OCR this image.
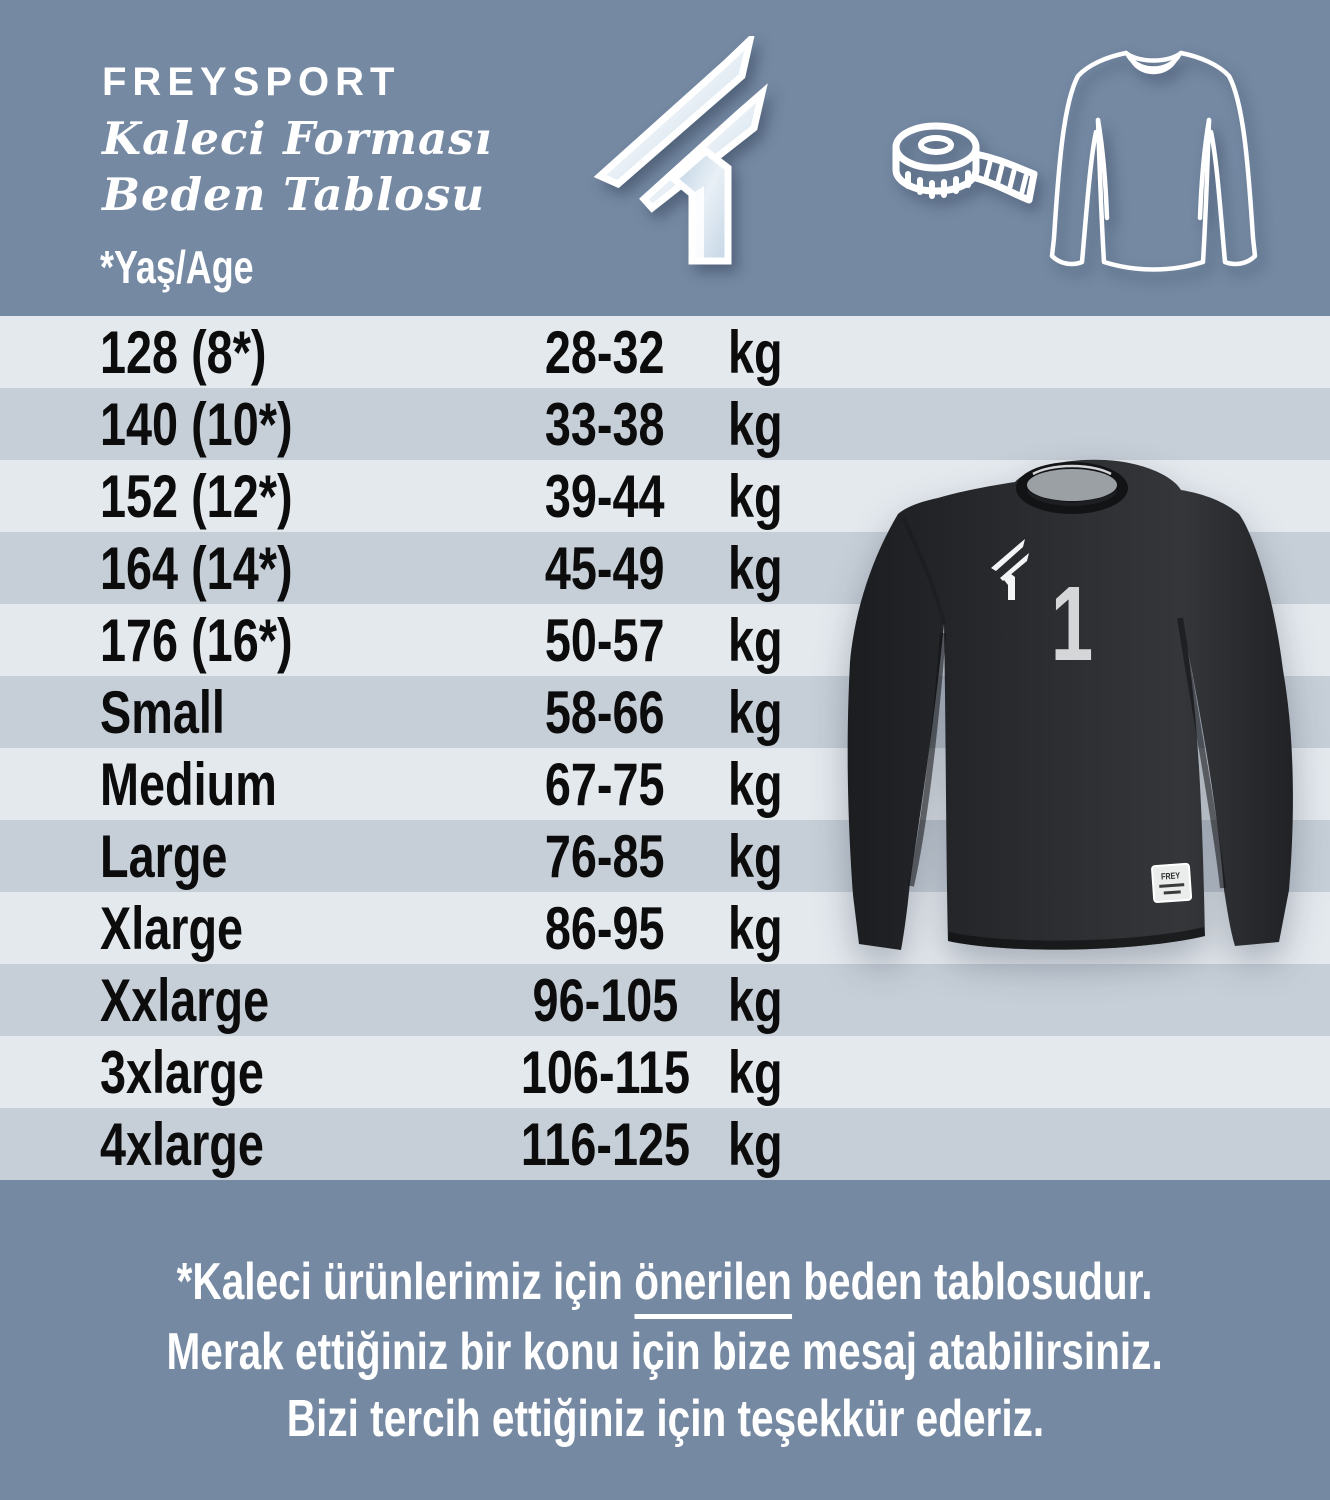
FREYSPORT
Kaleci Forması
Beden Tablosu
*Yaş/Age
128 (8*)	28-32	kg
140 (10*)	33-38	kg
152 (12*)	39-44	kg
164 (14*)	45-49	kg
176 (16*)	50-57	kg
Small	58-66	kg
Medium	67-75	kg
Large	76-85	kg
Xlarge	86-95	kg
Xxlarge	96-105 kg
3xlarge	106-115 kg
4xlarge	116-125 kg
1
FREY
*Kaleci ürünlerimiz için önerilen beden tablosudur.
Merak ettiğiniz bir konu için bize mesaj atabilirsiniz.
Bizi tercih ettiğiniz için teşekkür ederiz.
